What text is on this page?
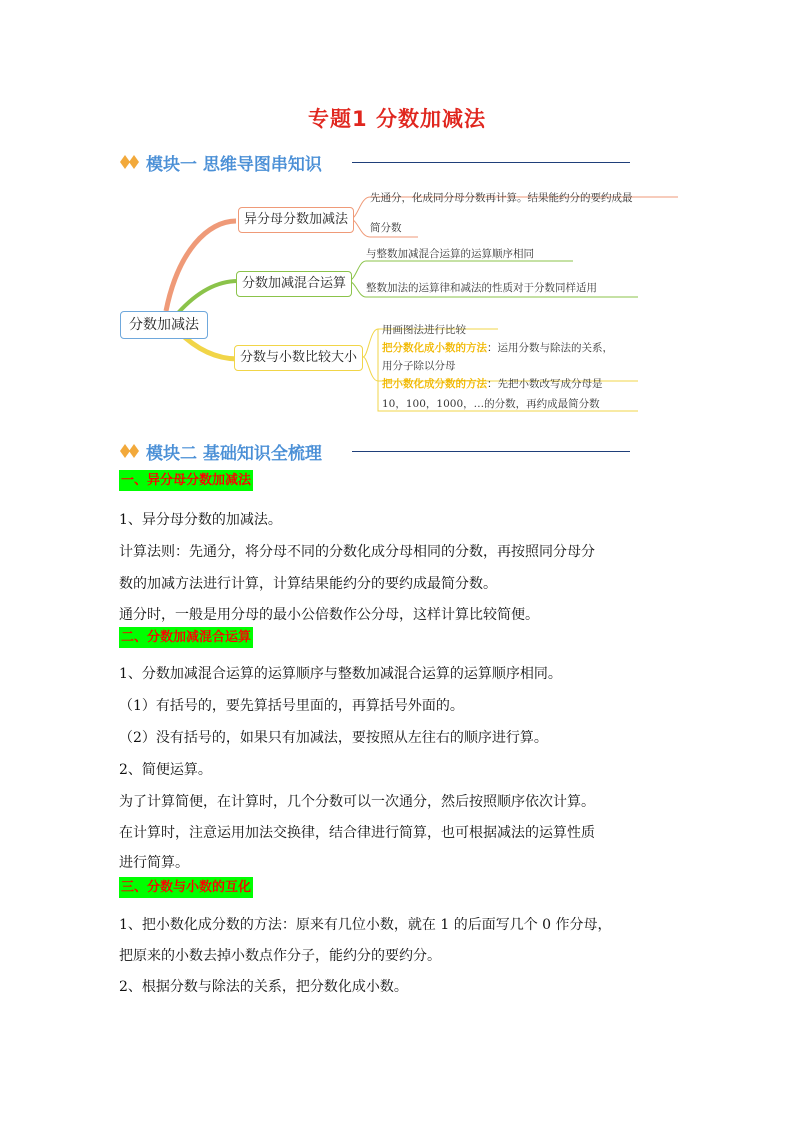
专题1 分数加减法
模块一 思维导图串知识
分数加减法
异分母分数加减法
先通分，化成同分母分数再计算。结果能约分的要约成最
简分数
分数加减混合运算
与整数加减混合运算的运算顺序相同
整数加法的运算律和减法的性质对于分数同样适用
分数与小数比较大小
用画图法进行比较
把分数化成小数的方法：运用分数与除法的关系，
用分子除以分母
把小数化成分数的方法：先把小数改写成分母是
10，100，1000，…的分数，再约成最简分数
模块二 基础知识全梳理
一、异分母分数加减法
1、异分母分数的加减法。
计算法则：先通分，将分母不同的分数化成分母相同的分数，再按照同分母分
数的加减方法进行计算，计算结果能约分的要约成最简分数。
通分时，一般是用分母的最小公倍数作公分母，这样计算比较简便。
二、分数加减混合运算
1、分数加减混合运算的运算顺序与整数加减混合运算的运算顺序相同。
（1）有括号的，要先算括号里面的，再算括号外面的。
（2）没有括号的，如果只有加减法，要按照从左往右的顺序进行算。
2、简便运算。
为了计算简便，在计算时，几个分数可以一次通分，然后按照顺序依次计算。
在计算时，注意运用加法交换律，结合律进行简算，也可根据减法的运算性质
进行简算。
三、分数与小数的互化
1、把小数化成分数的方法：原来有几位小数，就在 1 的后面写几个 0 作分母，
把原来的小数去掉小数点作分子，能约分的要约分。
2、根据分数与除法的关系，把分数化成小数。
